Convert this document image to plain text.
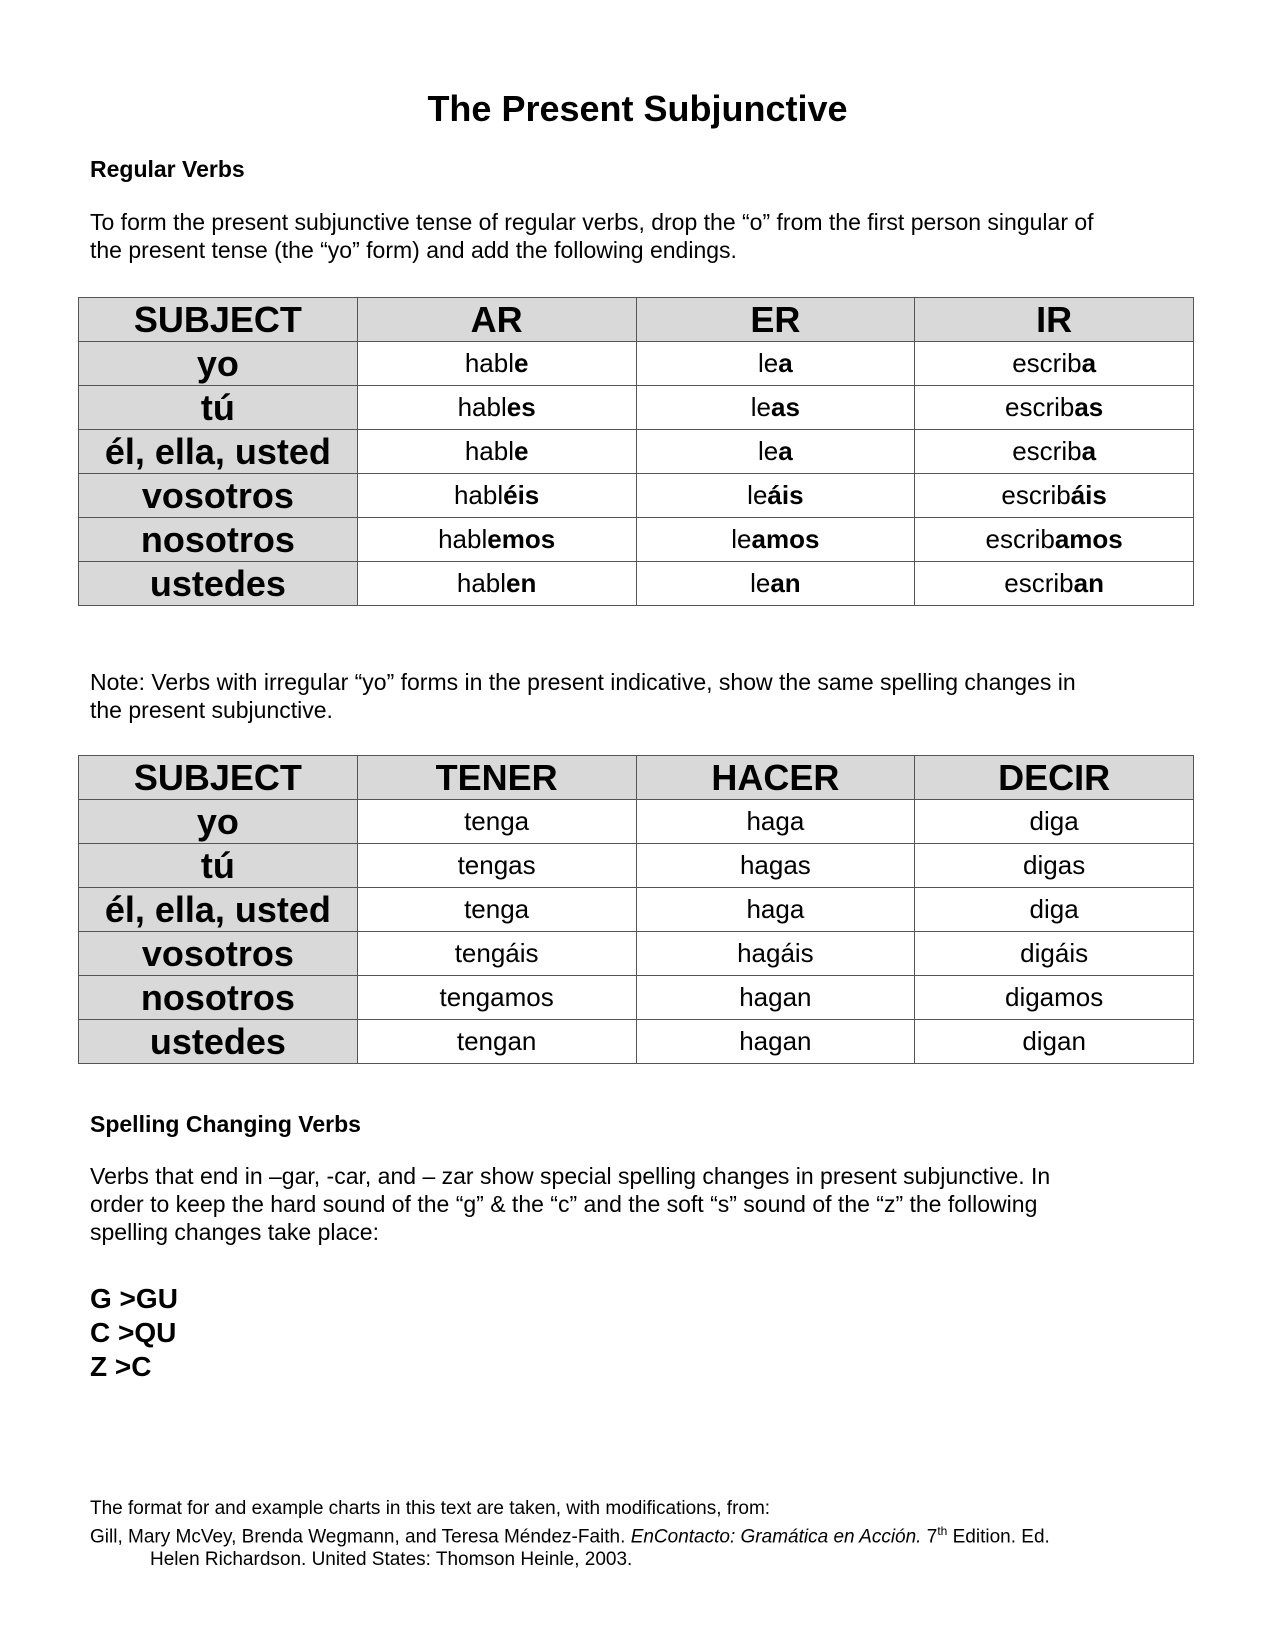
The Present Subjunctive
Regular Verbs

To form the present subjunctive tense of regular verbs, drop the “o” from the first person singular of
the present tense (the “yo” form) and add the following endings.

SUBJECT	AR	ER	IR
yo	hable	lea	escriba
tú	hables	leas	escribas
él, ella, usted	hable	lea	escriba
vosotros	habléis	leáis	escribáis
nosotros	hablemos	leamos	escribamos
ustedes	hablen	lean	escriban

Note: Verbs with irregular “yo” forms in the present indicative, show the same spelling changes in
the present subjunctive.

SUBJECT	TENER	HACER	DECIR
yo	tenga	haga	diga
tú	tengas	hagas	digas
él, ella, usted	tenga	haga	diga
vosotros	tengáis	hagáis	digáis
nosotros	tengamos	hagan	digamos
ustedes	tengan	hagan	digan
Spelling Changing Verbs

Verbs that end in –gar, -car, and – zar show special spelling changes in present subjunctive. In
order to keep the hard sound of the “g” & the “c” and the soft “s” sound of the “z” the following
spelling changes take place:

G >GU
C >QU
Z >C
The format for and example charts in this text are taken, with modifications, from:
Gill, Mary McVey, Brenda Wegmann, and Teresa Méndez-Faith. EnContacto: Gramática en Acción. 7th Edition. Ed.
Helen Richardson. United States: Thomson Heinle, 2003.
